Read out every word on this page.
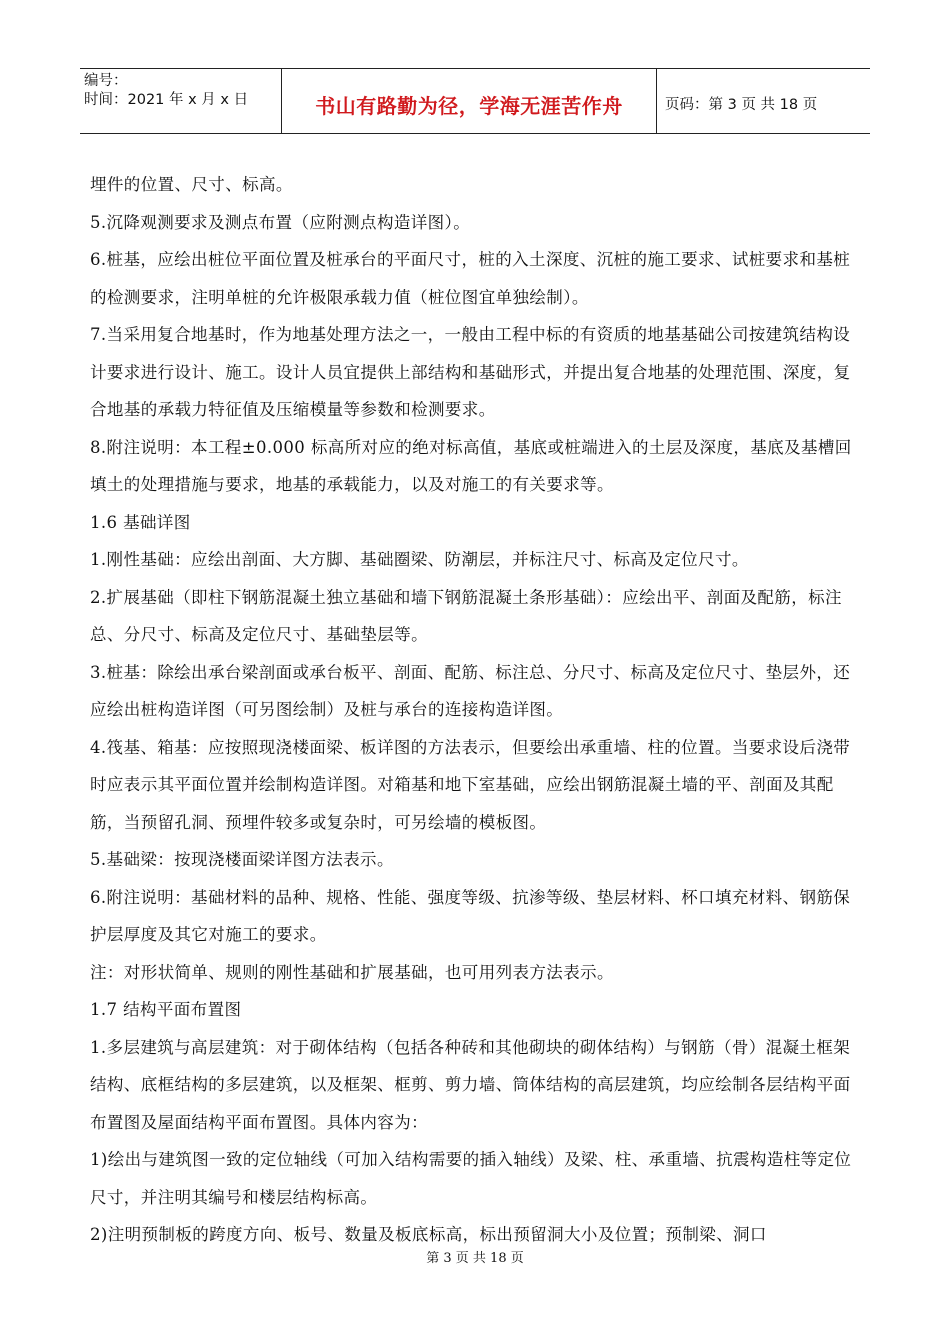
编号：
时间：2021 年 x 月 x 日	书山有路勤为径，学海无涯苦作舟	页码：第 3 页 共 18 页

埋件的位置、尺寸、标高。

5.沉降观测要求及测点布置（应附测点构造详图）。

6.桩基，应绘出桩位平面位置及桩承台的平面尺寸，桩的入土深度、沉桩的施工要求、试桩要求和基桩的检测要求，注明单桩的允许极限承载力值（桩位图宜单独绘制）。

7.当采用复合地基时，作为地基处理方法之一，一般由工程中标的有资质的地基基础公司按建筑结构设计要求进行设计、施工。设计人员宜提供上部结构和基础形式，并提出复合地基的处理范围、深度，复合地基的承载力特征值及压缩模量等参数和检测要求。

8.附注说明：本工程±0.000 标高所对应的绝对标高值，基底或桩端进入的土层及深度，基底及基槽回填土的处理措施与要求，地基的承载能力，以及对施工的有关要求等。

1.6 基础详图

1.刚性基础：应绘出剖面、大方脚、基础圈梁、防潮层，并标注尺寸、标高及定位尺寸。

2.扩展基础（即柱下钢筋混凝土独立基础和墙下钢筋混凝土条形基础）：应绘出平、剖面及配筋，标注总、分尺寸、标高及定位尺寸、基础垫层等。

3.桩基：除绘出承台梁剖面或承台板平、剖面、配筋、标注总、分尺寸、标高及定位尺寸、垫层外，还应绘出桩构造详图（可另图绘制）及桩与承台的连接构造详图。

4.筏基、箱基：应按照现浇楼面梁、板详图的方法表示，但要绘出承重墙、柱的位置。当要求设后浇带时应表示其平面位置并绘制构造详图。对箱基和地下室基础，应绘出钢筋混凝土墙的平、剖面及其配筋，当预留孔洞、预埋件较多或复杂时，可另绘墙的模板图。

5.基础梁：按现浇楼面梁详图方法表示。

6.附注说明：基础材料的品种、规格、性能、强度等级、抗渗等级、垫层材料、杯口填充材料、钢筋保护层厚度及其它对施工的要求。

注：对形状简单、规则的刚性基础和扩展基础，也可用列表方法表示。

1.7 结构平面布置图

1.多层建筑与高层建筑：对于砌体结构（包括各种砖和其他砌块的砌体结构）与钢筋（骨）混凝土框架结构、底框结构的多层建筑，以及框架、框剪、剪力墙、筒体结构的高层建筑，均应绘制各层结构平面布置图及屋面结构平面布置图。具体内容为：

1)绘出与建筑图一致的定位轴线（可加入结构需要的插入轴线）及梁、柱、承重墙、抗震构造柱等定位尺寸，并注明其编号和楼层结构标高。

2)注明预制板的跨度方向、板号、数量及板底标高，标出预留洞大小及位置；预制梁、洞口

第 3 页 共 18 页
